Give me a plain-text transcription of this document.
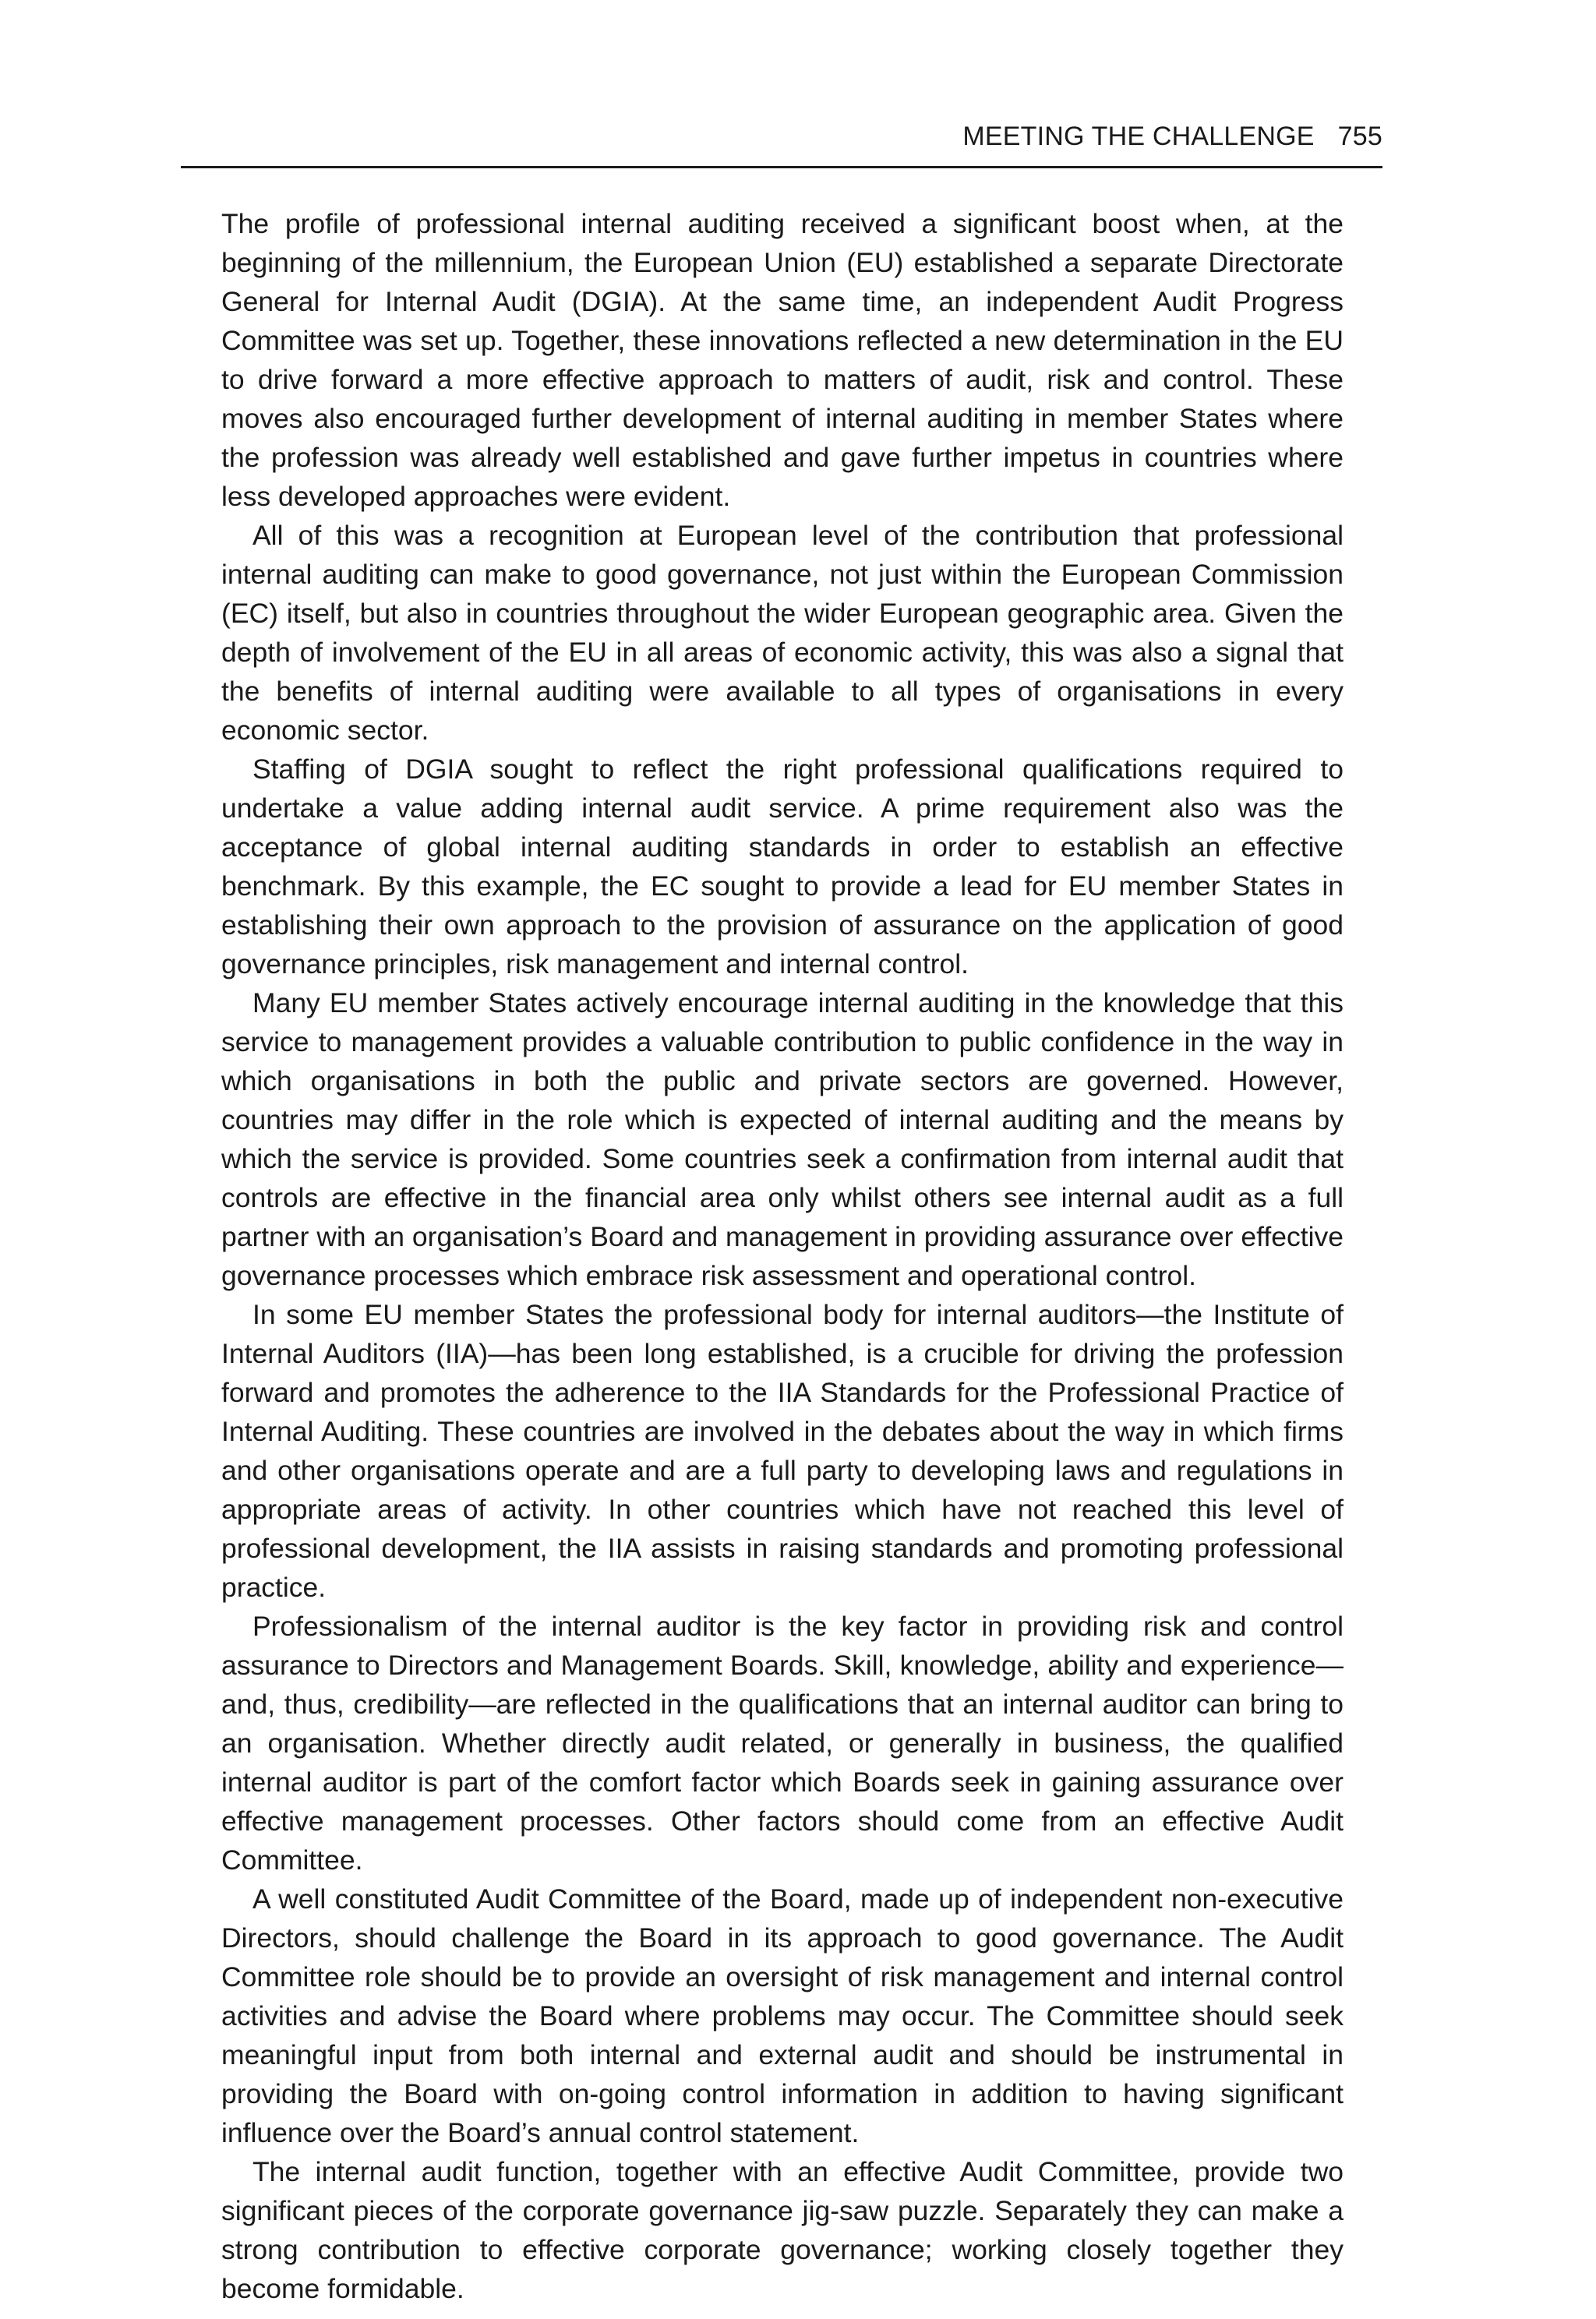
MEETING THE CHALLENGE 755

The profile of professional internal auditing received a significant boost when, at the beginning of the millennium, the European Union (EU) established a separate Directorate General for Internal Audit (DGIA). At the same time, an independent Audit Progress Committee was set up. Together, these innovations reflected a new determination in the EU to drive forward a more effective approach to matters of audit, risk and control. These moves also encouraged further development of internal auditing in member States where the profession was already well established and gave further impetus in countries where less developed approaches were evident.

All of this was a recognition at European level of the contribution that professional internal auditing can make to good governance, not just within the European Commission (EC) itself, but also in countries throughout the wider European geographic area. Given the depth of involvement of the EU in all areas of economic activity, this was also a signal that the benefits of internal auditing were available to all types of organisations in every economic sector.

Staffing of DGIA sought to reflect the right professional qualifications required to undertake a value adding internal audit service. A prime requirement also was the acceptance of global internal auditing standards in order to establish an effective benchmark. By this example, the EC sought to provide a lead for EU member States in establishing their own approach to the provision of assurance on the application of good governance principles, risk management and internal control.

Many EU member States actively encourage internal auditing in the knowledge that this service to management provides a valuable contribution to public confidence in the way in which organisations in both the public and private sectors are governed. However, countries may differ in the role which is expected of internal auditing and the means by which the service is provided. Some countries seek a confirmation from internal audit that controls are effective in the financial area only whilst others see internal audit as a full partner with an organisation’s Board and management in providing assurance over effective governance processes which embrace risk assessment and operational control.

In some EU member States the professional body for internal auditors—the Institute of Internal Auditors (IIA)—has been long established, is a crucible for driving the profession forward and promotes the adherence to the IIA Standards for the Professional Practice of Internal Auditing. These countries are involved in the debates about the way in which firms and other organisations operate and are a full party to developing laws and regulations in appropriate areas of activity. In other countries which have not reached this level of professional development, the IIA assists in raising standards and promoting professional practice.

Professionalism of the internal auditor is the key factor in providing risk and control assurance to Directors and Management Boards. Skill, knowledge, ability and experience—and, thus, credibility—are reflected in the qualifications that an internal auditor can bring to an organisation. Whether directly audit related, or generally in business, the qualified internal auditor is part of the comfort factor which Boards seek in gaining assurance over effective management processes. Other factors should come from an effective Audit Committee.

A well constituted Audit Committee of the Board, made up of independent non-executive Directors, should challenge the Board in its approach to good governance. The Audit Committee role should be to provide an oversight of risk management and internal control activities and advise the Board where problems may occur. The Committee should seek meaningful input from both internal and external audit and should be instrumental in providing the Board with on-going control information in addition to having significant influence over the Board’s annual control statement.

The internal audit function, together with an effective Audit Committee, provide two significant pieces of the corporate governance jig-saw puzzle. Separately they can make a strong contribution to effective corporate governance; working closely together they become formidable.
